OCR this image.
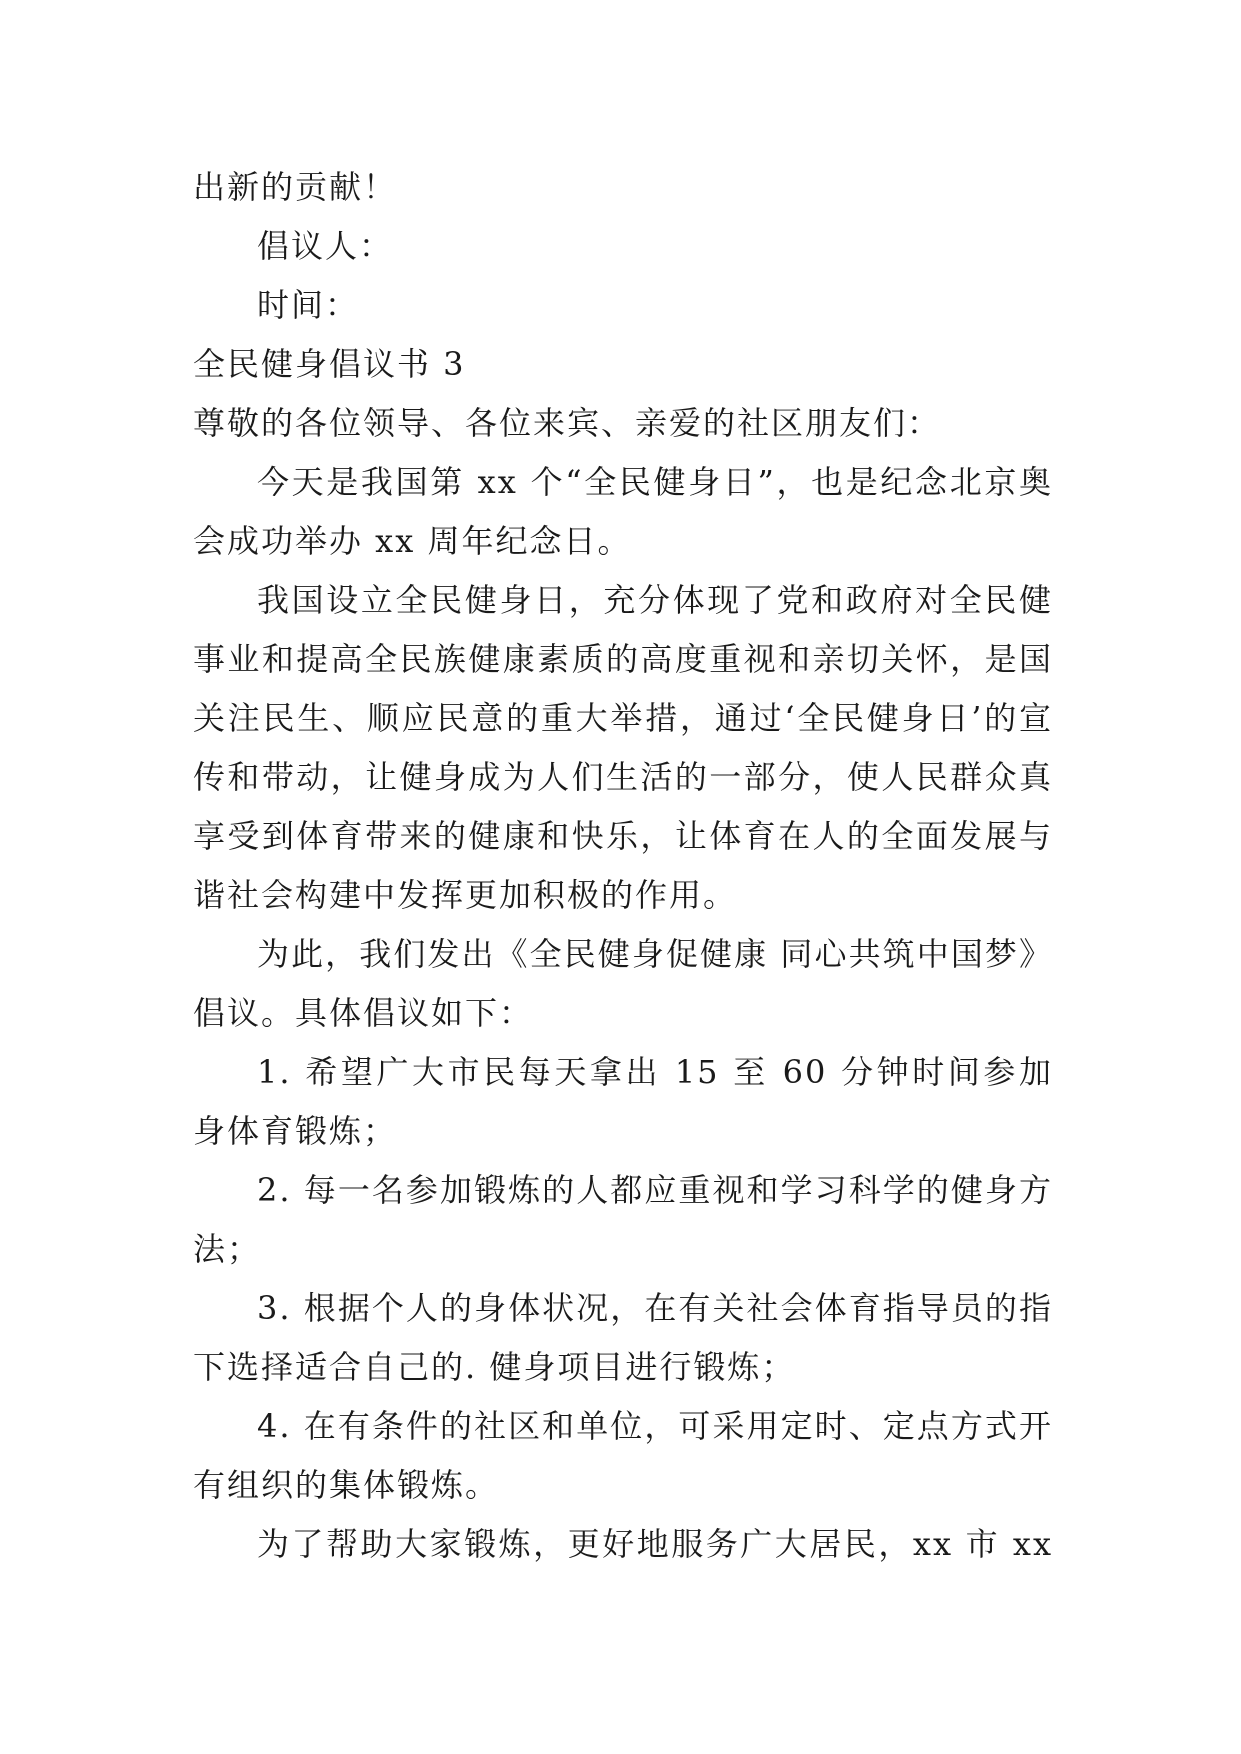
出新的贡献！
倡议人：
时间：
全民健身倡议书 3
尊敬的各位领导、各位来宾、亲爱的社区朋友们：
今天是我国第 xx 个“全民健身日”，也是纪念北京奥
会成功举办 xx 周年纪念日。
我国设立全民健身日，充分体现了党和政府对全民健
事业和提高全民族健康素质的高度重视和亲切关怀，是国
关注民生、顺应民意的重大举措，通过‘全民健身日’的宣
传和带动，让健身成为人们生活的一部分，使人民群众真
享受到体育带来的健康和快乐，让体育在人的全面发展与
谐社会构建中发挥更加积极的作用。
为此，我们发出《全民健身促健康 同心共筑中国梦》
倡议。具体倡议如下：
1. 希望广大市民每天拿出 15 至 60 分钟时间参加
身体育锻炼；
2. 每一名参加锻炼的人都应重视和学习科学的健身方
法；
3. 根据个人的身体状况，在有关社会体育指导员的指
下选择适合自己的. 健身项目进行锻炼；
4. 在有条件的社区和单位，可采用定时、定点方式开
有组织的集体锻炼。
为了帮助大家锻炼，更好地服务广大居民，xx 市 xx
